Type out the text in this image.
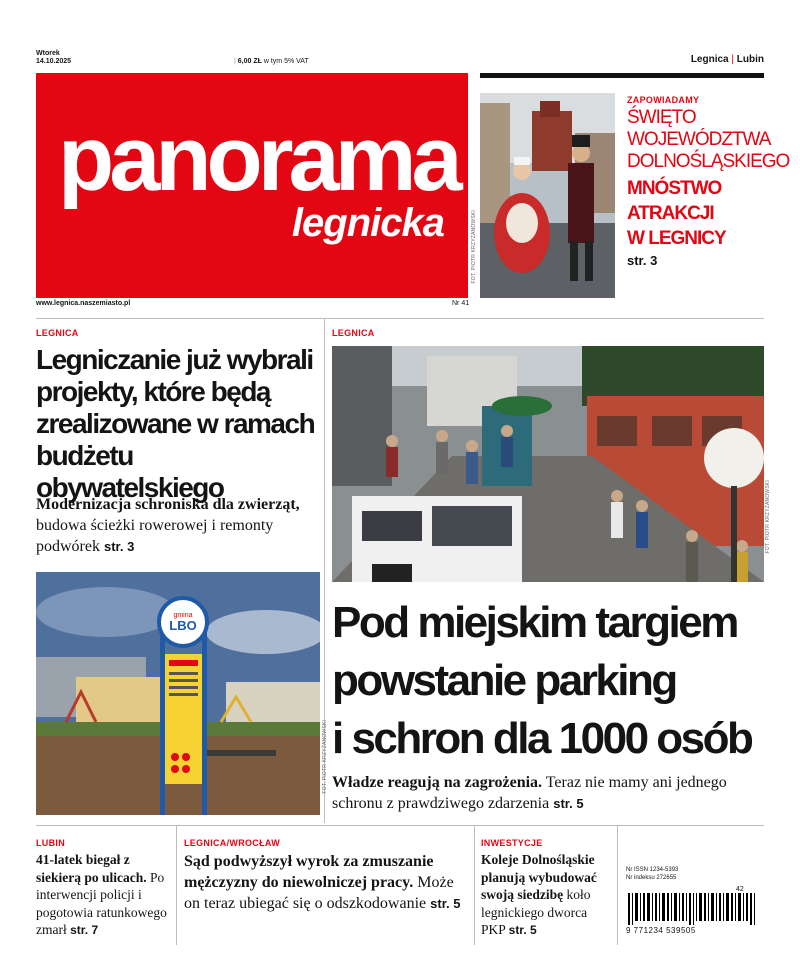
Wtorek
14.10.2025	| 6,00 ZŁ w tym 5% VAT	Legnica | Lubin
panorama
legnicka
www.legnica.naszemiasto.pl	Nr 41
FOT. PIOTR KRZYŻANOWSKI
ZAPOWIADAMY
ŚWIĘTO
WOJEWÓDZTWA
DOLNOŚLĄSKIEGO
MNÓSTWO
ATRAKCJI
W LEGNICY
str. 3
LEGNICA
Legniczanie już wybrali projekty, które będą zrealizowane w ramach budżetu obywatelskiego
Modernizacja schroniska dla zwierząt, budowa ścieżki rowerowej i remonty podwórek str. 3
gmina
LBO
FOT. PIOTR KRZYŻANOWSKI
LEGNICA
FOT. PIOTR KRZYŻANOWSKI
Pod miejskim targiem
powstanie parking
i schron dla 1000 osób
Władze reagują na zagrożenia. Teraz nie mamy ani jednego schronu z prawdziwego zdarzenia str. 5
LUBIN
41-latek biegał z siekierą po ulicach. Po interwencji policji i pogotowia ratunkowego zmarł str. 7
LEGNICA/WROCŁAW
Sąd podwyższył wyrok za zmuszanie mężczyzny do niewolniczej pracy. Może on teraz ubiegać się o odszkodowanie str. 5
INWESTYCJE
Koleje Dolnośląskie planują wybudować swoją siedzibę koło legnickiego dworca PKP str. 5
Nr ISSN 1234-5393
Nr indeksu 272655
42
9 771234 539505
